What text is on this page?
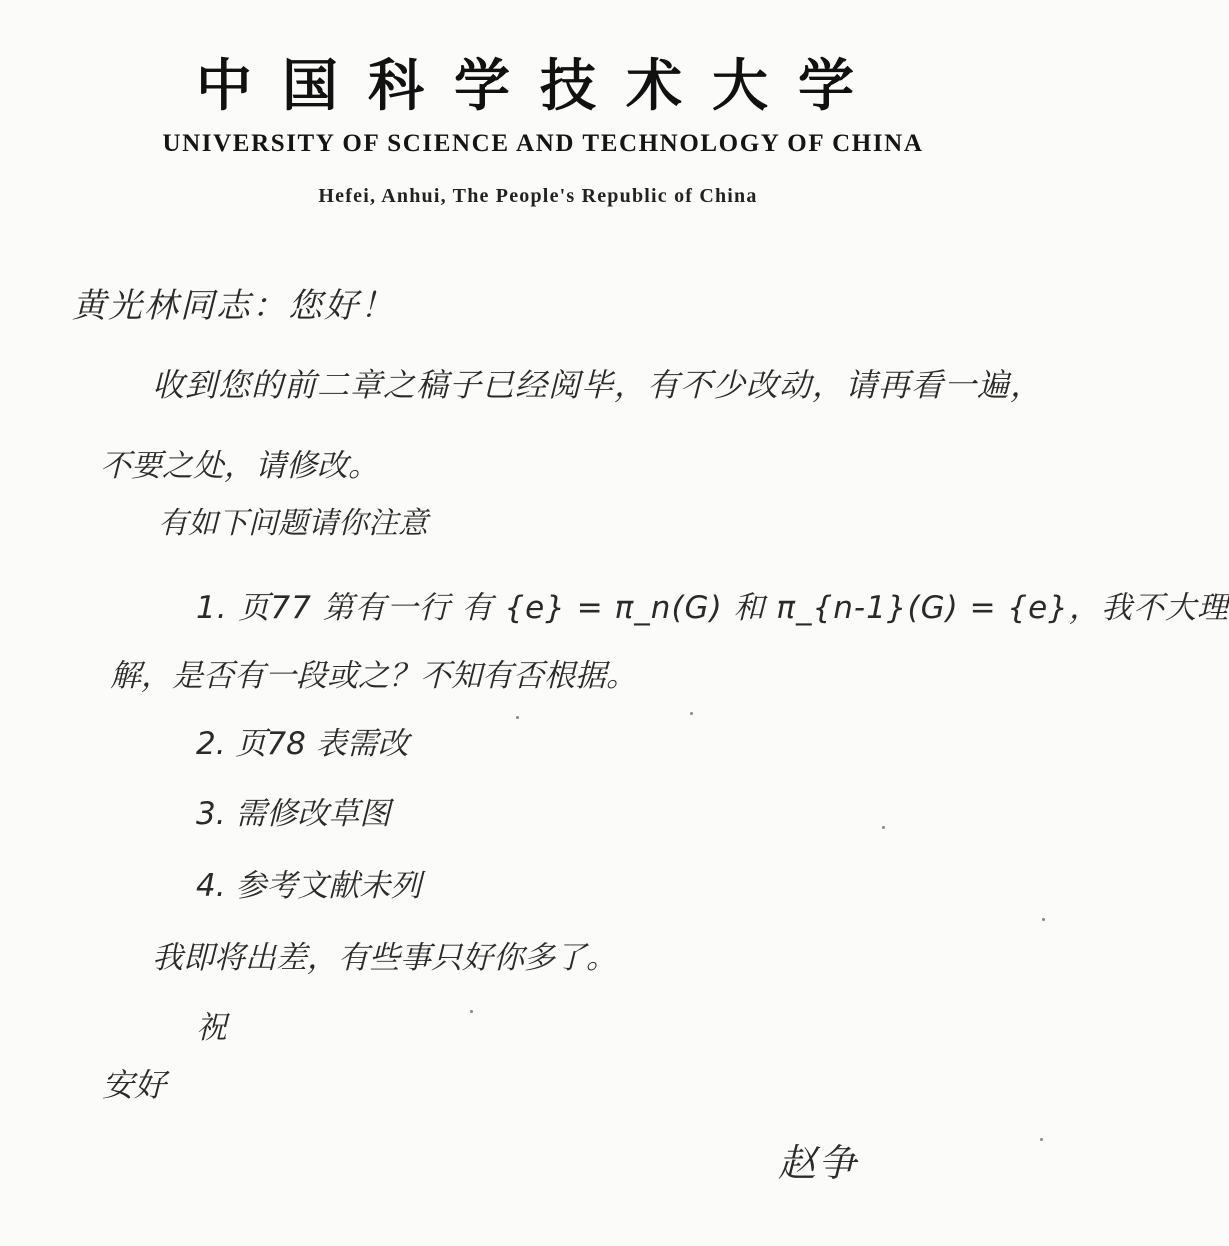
中国科学技术大学
UNIVERSITY OF SCIENCE AND TECHNOLOGY OF CHINA
Hefei, Anhui, The People's Republic of China
黄光林同志：您好！
收到您的前二章之稿子已经阅毕，有不少改动，请再看一遍，
不要之处，请修改。
有如下问题请你注意
1. 页77 第有一行 有 {e} = π_n(G) 和 π_{n-1}(G) = {e}，我不大理
解，是否有一段或之？不知有否根据。
2. 页78 表需改
3. 需修改草图
4. 参考文献未列
我即将出差，有些事只好你多了。
祝
安好
赵争
